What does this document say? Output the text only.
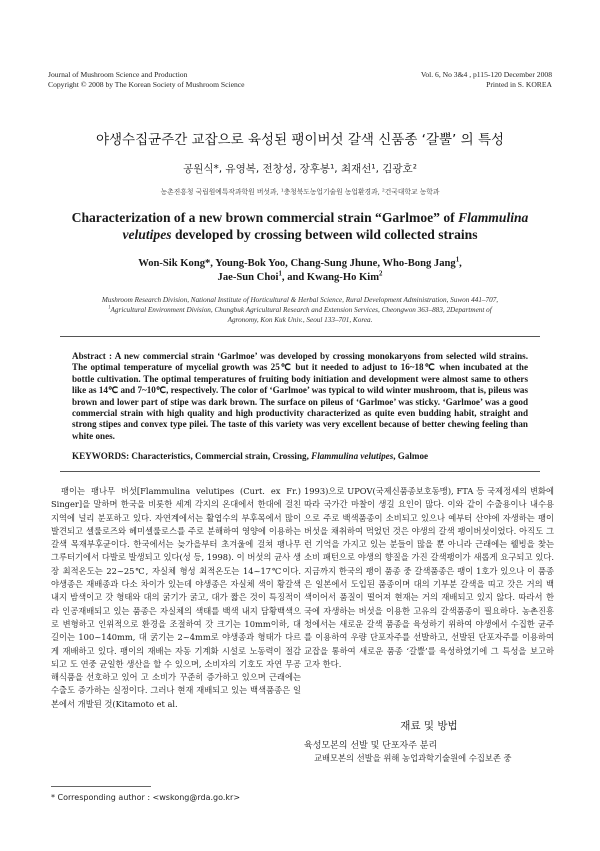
Journal of Mushroom Science and Production
Copyright © 2008 by The Korean Society of Mushroom Science
Vol. 6, No 3&4 , p115-120 December 2008
Printed in S. KOREA
야생수집균주간 교잡으로 육성된 팽이버섯 갈색 신품종 ‘갈뿔’ 의 특성
공원식*, 유영복, 전창성, 장후봉¹, 최재선¹, 김광호²
농촌진흥청 국립원예특작과학원 버섯과, ¹충청북도농업기술원 농업환경과, ²건국대학교 농학과
Characterization of a new brown commercial strain “Garlmoe” of Flammulina
velutipes developed by crossing between wild collected strains
Won-Sik Kong*, Young-Bok Yoo, Chang-Sung Jhune, Who-Bong Jang$^1$,
Jae-Sun Choi$^1$, and Kwang-Ho Kim$^2$
Mushroom Research Division, National Institute of Horticultural & Herbal Science, Rural Development Administration, Suwon 441–707,
$^1$Agricultural Environment Division, Chungbuk Agricultural Research and Extension Services, Cheongwon 363–883, 2Department of
Agronomy, Kon Kuk Univ., Seoul 133–701, Korea.
Abstract : A new commercial strain ‘Garlmoe’ was developed by crossing monokaryons from selected wild strains. The optimal temperature of mycelial growth was 25℃ but it needed to adjust to 16~18℃ when incubated at the bottle cultivation. The optimal temperatures of fruiting body initiation and development were almost same to others like as 14℃ and 7~10℃, respectively. The color of ‘Garlmoe’ was typical to wild winter mushroom, that is, pileus was brown and lower part of stipe was dark brown. The surface on pileus of ‘Garlmoe’ was sticky. ‘Garlmoe’ was a good commercial strain with high quality and high productivity characterized as quite even budding habit, straight and strong stipes and convex type pilei. The taste of this variety was very excellent because of better chewing feeling than white ones.
KEYWORDS: Characteristics, Commercial strain, Crossing, Flammulina velutipes, Galmoe
팽이는 팽나무 버섯[Flammulina velutipes (Curt. ex Fr.) Singer]을 말하며 한국을 비롯한 세계 각지의 온대에서 한대에 걸친 지역에 널리 분포하고 있다. 자연계에서는 활엽수의 부후목에서 많이 발견되고 셀룰로즈와 헤미셀룰로스를 주로 분해하여 영양에 이용하는 갈색 목재부후균이다. 한국에서는 늦가을부터 초겨울에 걸쳐 팽나무 그루터기에서 다발로 발생되고 있다(성 등, 1998). 이 버섯의 균사 생장 최적온도는 22~25℃, 자실체 형성 최적온도는 14~17℃이다. 야생종은 재배종과 다소 차이가 있는데 야생종은 자실체 색이 황갈색 내지 밤색이고 갓 형태와 대의 굵기가 굵고, 대가 짧은 것이 특징적이라 인공재배되고 있는 품종은 자실체의 색태를 백색 내지 담황백색으로 변형하고 인위적으로 환경을 조절하여 갓 크기는 10mm이하, 대 길이는 100~140mm, 대 굵기는 2~4mm로 야생종과 형태가 다르게 재배하고 있다. 팽이의 재배는 자동 기계화 시설로 노동력이 절감되고 도 연중 균일한 생산을 할 수 있으며, 소비자의 기호도 자연 무공해식품을 선호하고 있어 고 소비가 꾸준히 증가하고 있으며 근래에는 수출도 증가하는 실정이다. 그러나 현재 재배되고 있는 백색품종은 일본에서 개발된 것(Kitamoto et al.
1993)으로 UPOV(국제신품종보호동맹), FTA 등 국제정세의 변화에 따라 국가간 마찰이 생길 요인이 많다. 이와 같이 수출용이나 내수용으로 주로 백색품종이 소비되고 있으나 예부터 산야에 자생하는 팽이버섯을 채취하여 먹었던 것은 야생의 갈색 팽이버섯이었다. 아직도 그런 기억을 가지고 있는 분들이 많을 뿐 아니라 근래에는 웰빙을 찾는 소비 패턴으로 야생의 향질을 가진 갈색팽이가 새롭게 요구되고 있다. 지금까지 한국의 팽이 품종 중 갈색품종은 팽이 1호가 있으나 이 품종은 일본에서 도입된 품종이며 대의 기부분 갈색을 띠고 갓은 거의 백색이어서 품질이 떨어져 현재는 거의 재배되고 있지 않다. 따라서 한국에 자생하는 버섯을 이용한 고유의 갈색품종이 필요하다. 농촌진흥청에서는 새로운 갈색 품종을 육성하기 위하여 야생에서 수집한 균주를 이용하여 우량 단포자주를 선발하고, 선발된 단포자주를 이용하여 교잡을 통하여 새로운 품종 ‘갈뿔’를 육성하였기에 그 특성을 보고하고자 한다.
재료 및 방법
육성모본의 선발 및 단포자주 분리
교배모본의 선발을 위해 농업과학기술원에 수집보존 중
* Corresponding author : <wskong@rda.go.kr>
